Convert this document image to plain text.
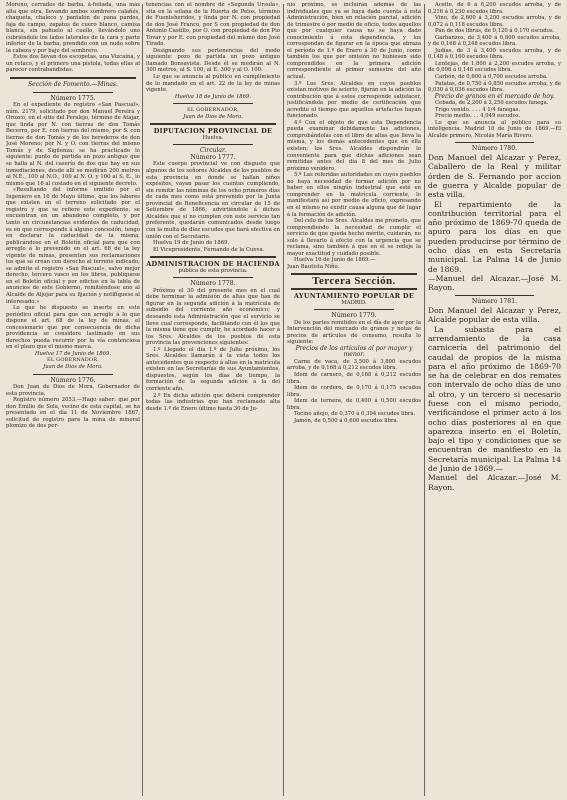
Moreno, cerrados de barba, á-feitada, una más alta que otra, llevando ambos sombrero calañés, chaqueta, chaleco y pantalón de pana pardos, faja de campo, zapatos de cuero blanco, camisa blanca, sin pañuelo al cuello, llevándolo uno cubriéndole los lados laterales de la cara y parte inferior de la barba, prendido con un nudo sobre la cabeza y por bajo del sombrero.

Estos dos llevan dos escopetas, una Vizcaína, y un retaco, y el primero una pistola, todas ellas al parecer contrabandistas.

Sección de Fomento.—Minas.

Número 1775.

En el expediente de registro «San Pascual», núm. 2179, solicitado por don Manuel Pereira y Orozco, en el sitio del Peralejo, término de Atajar, que linda por N. con tierras de don Tomás Becerro, por E. con tierras del mismo, por S. con tierras de don Tomás y de los herederos de don José Moreno; por N. y O. con tierras del mismo Tomás y de Sigüenza; se ha practicado lo siguiente: punto de partida un pozo antiguo que se halla al N. del caserío de dos que hay en sus inmediaciones, desde allí se medirán 200 metros al N.E., 100 al N.O., 100 al N. O. y 100 al S. E., lo mismo que 16 al costado en el siguiente decreto.

«Resultando del informe emitido por el Ingeniero en 16 de Mayo último, que los labores que existen en el terreno solicitado por el registro y que se refiere este expediente, se encuentran en un abandono completo, y por tanto en circunstancias evidentes de caducidad, es en que corresponde á alguno concesión, tengo en declarar la caducidad de la misma, publicándose en el Boletín oficial para que con arreglo á lo prevenido en el art. 68 de la ley vigente de minas, presenten sus reclamaciones los que se crean con derecho al terreno indicado; se admite el registro «San Pascual», salvo mejor derecho, tercero vasco en los libros, publíquese en el Boletín oficial y por edictos en la tabla de anuncios de este Gobierno, remitiéndose uno al Alcalde de Aljojar para su fijación y notifíquese al interesado.»

Lo que he dispuesto se inserte en este periódico oficial para que con arreglo á lo que dispone el art. 68 de la ley de minas, el concesionario que por consecuencia de dicha providencia se considere lastimado en sus derechos pueda recurrir por la vía contenciosa en el plazo que el mismo marca.

Huelva 17 de Junio de 1869.

EL GOBERNADOR,

Juan de Dios de Mora.

Número 1776.

Don Juan de Dios de Mora, Gobernador de esta provincia.

Registro número 2053.—Hago saber: que por don Emilio de Sola, vecino de esta capital, se ha presentado en el día 11 de Noviembre 1867, solicitud de registro para la mina de mineral plomizo de dos per-

tenencias con el nombre de «Segunda Ursula», sita en la solana de la Huerta de Pelos, término de Fuenteheridos, y linda por N. con propiedad de don José Franco, por S con propiedad de don Antonio Castillo, por O. con propiedad de don Pio Tovar y por E. con propiedad del mismo don José Tirado.

Designando sus pertenencias del modo siguiente: pozo de partida un pozo antiguo llamado Bonsavista. Desde él se medirán al N. 300 metros, al S. 100, al E. 300 y al O. 100.

Lo que se anuncia al público en cumplimiento de lo mandado en el art. 22 de la ley de minas vigente.

Huelva 18 de Junio de 1869.

EL GOBERNADOR,

Juan de Dios de Mora.

DIPUTACION PROVINCIAL DE

Huelva.

Circular.

Número 1777.

Este cuerpo provincial ve con disgusto que algunos de los señores Alcaldes de los pueblos de esta provincia en donde se hallan niños expósitos, vayan pasar los cuentas cumpliendo, sin remitir las nóminas de los ocho primeros días de cada mes como está prevenido por la Junta provincial de Beneficencia en circular de 15 de Setiembre de 1866, advirtiéndole á dichos Alcaldes que si no cumplen con este servicio tan preferente, quedarán comunicados desde luego con la multa de diez escudos que hará efectiva en unión con el Secretario.

Huelva 19 de Junio de 1869.

El Vicepresidente, Fernando de la Cueva.

ADMINISTRACION DE HACIENDA

pública de esta provincia.

Número 1778.

Próximo el 30 del presente mes en el cual debe terminar la admisión de altas que han de figurar en la segunda adición á la matrícula de subsidio del corriente año económico; y deseando esta Administración que el servicio se lleve cual corresponde, facilitando con él los que la misma tiene que cumplir, he acordado hacer á los Sres. Alcaldes de los pueblos de esta provincia las prevenciones siguientes:

1.º Llegado el día 1.º de Julio próximo, los Sres. Alcaldes llamarán á la vista todos los antecedentes que respecto á altas en la matrícula existen en las Secretarías de sus Ayuntamientos, dispuestos, según los días de tiempo, la formación de la segunda adición á la del corriente año.

2.º En dicha adición que deberá comprender todas las industrias que han reclamado alta desde 1.º de Enero último hasta 30 de Ju-

nio próximo, se incluirán además de las individuales que ya se haya dado cuenta á esta Administración, bien en relación parcial, adición de trimestre ó por medio de oficio, todos aquellos que por cualquier causa no se haya dado conocimiento á esta dependencia, y los correspondan de figurar en la época que abraza el período de 1.º de Enero á 30 de Junio, como también los que por omisión no hubiesen sido comprendidos en la primera adición correspondiente al primer semestre del año actual.

3.º Los Sres. Alcaldes en cuyos pueblos existan motivos de acierto, fijarán en la adición la contribución que á estos corresponde satisfacer, justificándola por medio de certificación que acredite el tiempo que aquellos artefactos hayan funcionado.

4.º Con el objeto de que esta Dependencia pueda examinar debidamente las adiciones, comprobándolas con el libro de altas que lleva la misma, y los demás antecedentes que en ella existen; los Sres. Alcaldes dispondrán lo conveniente para que dichas adiciones sean remitidas antes del día 8 del mes de Julio próximo venidero.

5.º Las referidas autoridades en cuyos pueblos no haya necesidad de formar adición por no haber en ellos ningún industrial que esté en comprender en la matrícula corriente, lo manifestará así por medio de oficio, expresando en el mismo no existir causa alguna que dé lugar á la formación de adición.

Del celo de los Sres. Alcaldes me prometo, que comprendiendo la necesidad de cumplir el servicio de que queda hecho mérito, cuidarán, no solo á llevarlo á efecto con la urgencia que se reclama, sino también á que en él se refleje la mayor exactitud y cuidado posible.

Huelva 16 de Junio de 1869.—

Juan Bautista Niño.

Tercera Sección.

AYUNTAMIENTO POPULAR DE

MADRID.

Número 1779.

De los partes remitidos en el día de ayer por la Intervención del mercado de granos y notas de precios de artículos de consumo, resulta lo siguiente:

Precios de los artículos al por mayor y menor.

Carne de vaca, de 3,500 á 3,800 escudos arroba, y de 0,168 á 0,212 escudos libra.

Idem de carnero, de 0,168 á 0,212 escudos libra.

Idem de cordero, de 0,170 á 0,175 escudos libra.

Idem de ternera, de 0,400 á 0,500 escudos libra.

Tocino añejo, de 0,370 á 0,394 escudos libra.

Jamón, de 0,500 á 0,600 escudos libra.

Aceite, de 6 á 6,200 escudos arroba, y de 0,216 á 0,230 escudos libra.

Vino, de 2,600 á 3,200 escudos arroba, y de 0,072 á 0,118 escudos libra.

Pan de dos libras, de 0,120 á 0,170 escudos.

Garbanzos, de 3,400 á 6,800 escudos arroba, y de 0,168 á 0,248 escudos libra.

Judías, de 3 á 3,400 escudos arroba, y de 0,148 á 0,160 escudos libra.

Lentejas, de 1,800 á 2,200 escudos arroba, y de 0,096 á 0,148 escudos libra.

Carbón, de 0,600 á 0,700 escudos arroba.

Patatas, de 0,750 á 0,850 escudos arroba, y de 0,030 á 0,036 escudos libra.

Precio de granos en el mercado de hoy.

Cebada, de 2,200 á 2,250 escudos fanega.

Trigo venido. . . . 4 1/4 fanegas.

Precio medio. . . 4,949 escudos.

Lo que se anuncia al público para su inteligencia. Madrid 18 de Junio de 1869.—El Alcalde primero, Nicolás María Rivero.

Número 1780.

Don Manuel del Alcazar y Perez, Caballero de la Real y militar órden de S. Fernando por accion de guerra y Alcalde popular de esta villa.

El repartimiento de la contribución territorial para el año próximo de 1869-70 queda de apuro para los días en que pueden producirse por término de ocho días en esta Secretaría municipal. La Palma 14 de Junio de 1869.

—Manuel del Alcazar.—José M. Rayon.

Número 1781.

Don Manuel del Alcazar y Perez, Alcalde popular de esta villa.

La subasta para el arrendamiento de la casa carnicería del patrimonio del caudal de propios de la misma para el año próximo de 1869-70 se ha de celebrar en dos remates con intervalo de ocho días de uno al otro, y un tercero si necesario fuese con el mismo periodo, verificándose el primer acto á los ocho días posteriores al en que aparezca inserto en el Boletín, bajo el tipo y condiciones que se encuentran de manifiesto en la Secretaría municipal. La Palma 14 de Junio de 1869.—

Manuel del Alcazar.—José M. Rayon.
